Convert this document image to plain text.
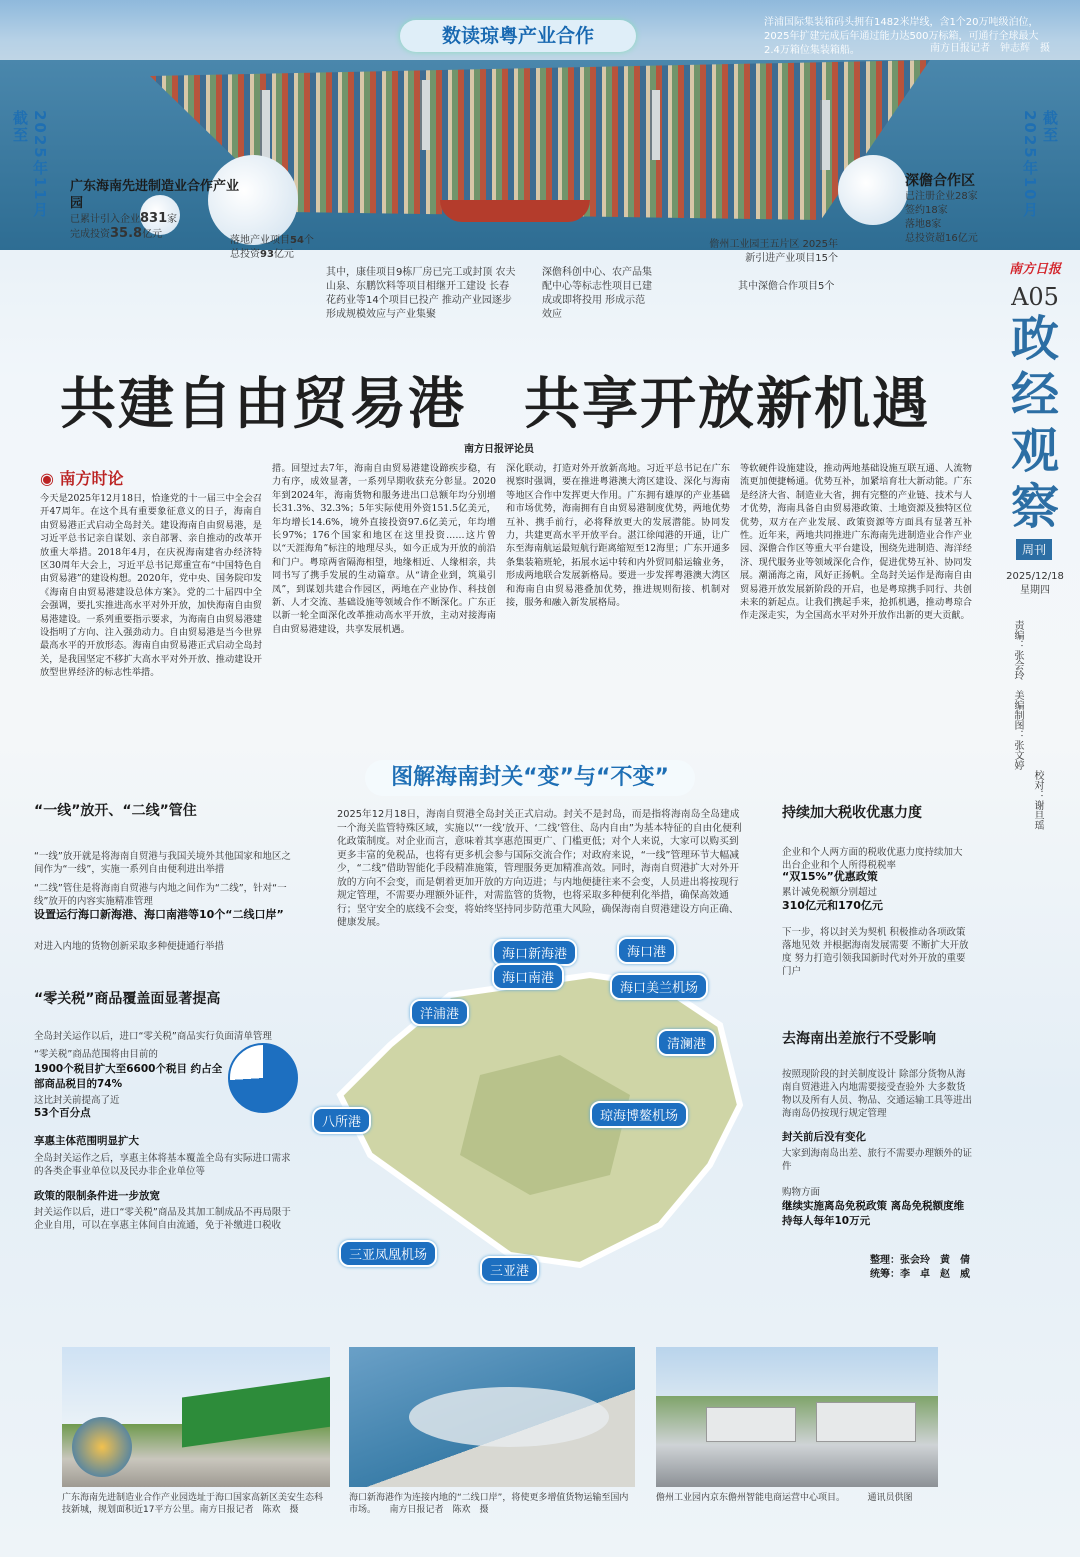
数读琼粤产业合作
洋浦国际集装箱码头拥有1482米岸线，含1个20万吨级泊位，2025年扩建完成后年通过能力达500万标箱，可通行全球最大2.4万箱位集装箱船。	南方日报记者　钟志辉　摄
截至 2025年11月	截至
2025年10月
广东海南先进制造业合作产业园
已累计引入企业831家
完成投资35.8亿元
落地产业项目54个
总投资93亿元
其中，康佳项目9栋厂房已完工或封顶 农夫山泉、东鹏饮料等项目相继开工建设 长春花药业等14个项目已投产 推动产业园逐步形成规模效应与产业集聚
深儋科创中心、农产品集配中心等标志性项目已建成或即将投用 形成示范效应
儋州工业园王五片区 2025年新引进产业项目15个
其中深儋合作项目5个
深儋合作区
已注册企业28家
签约18家
落地8家
总投资超16亿元
南方日报
A05
政
经
观
察
周刊
2025/12/18
星期四
责编：张会玲　美编制图：张文婷
校对：谢旦瑶
共建自由贸易港　共享开放新机遇
南方日报评论员
◉ 南方时论
今天是2025年12月18日，恰逢党的十一届三中全会召开47周年。在这个具有重要象征意义的日子，海南自由贸易港正式启动全岛封关。建设海南自由贸易港，是习近平总书记亲自谋划、亲自部署、亲自推动的改革开放重大举措。2018年4月，在庆祝海南建省办经济特区30周年大会上，习近平总书记郑重宣布“中国特色自由贸易港”的建设构想。2020年，党中央、国务院印发《海南自由贸易港建设总体方案》。党的二十届四中全会强调，要扎实推进高水平对外开放，加快海南自由贸易港建设。一系列重要指示要求，为海南自由贸易港建设指明了方向、注入强劲动力。自由贸易港是当今世界最高水平的开放形态。海南自由贸易港正式启动全岛封关，是我国坚定不移扩大高水平对外开放、推动建设开放型世界经济的标志性举措。
措。回望过去7年，海南自由贸易港建设蹄疾步稳，有力有序，成效显著，一系列早期收获充分彰显。2020年到2024年，海南货物和服务进出口总额年均分别增长31.3%、32.3%；5年实际使用外资151.5亿美元，年均增长14.6%，境外直接投资97.6亿美元，年均增长97%；176个国家和地区在这里投资……这片曾以“天涯海角”标注的地理尽头，如今正成为开放的前沿和门户。粤琼两省隔海相望，地缘相近、人缘相亲，共同书写了携手发展的生动篇章。从“请企业到，筑巢引凤”，到谋划共建合作园区，两地在产业协作、科技创新、人才交流、基础设施等领域合作不断深化。广东正以新一轮全面深化改革推动高水平开放，主动对接海南自由贸易港建设，共享发展机遇。
深化联动，打造对外开放新高地。习近平总书记在广东视察时强调，要在推进粤港澳大湾区建设、深化与海南等地区合作中发挥更大作用。广东拥有雄厚的产业基础和市场优势，海南拥有自由贸易港制度优势，两地优势互补、携手前行，必将释放更大的发展潜能。协同发力，共建更高水平开放平台。湛江徐闻港的开通，让广东至海南航运最短航行距离缩短至12海里；广东开通多条集装箱班轮，拓展水运中转和内外贸同船运输业务，形成两地联合发展新格局。要进一步发挥粤港澳大湾区和海南自由贸易港叠加优势，推进规则衔接、机制对接，服务和融入新发展格局。
等软硬件设施建设，推动两地基础设施互联互通、人流物流更加便捷畅通。优势互补，加紧培育壮大新动能。广东是经济大省、制造业大省，拥有完整的产业链、技术与人才优势，海南具备自由贸易港政策、土地资源及独特区位优势，双方在产业发展、政策资源等方面具有显著互补性。近年来，两地共同推进广东海南先进制造业合作产业园、深儋合作区等重大平台建设，围绕先进制造、海洋经济、现代服务业等领域深化合作，促进优势互补、协同发展。潮涌海之南，风好正扬帆。全岛封关运作是海南自由贸易港开放发展新阶段的开启，也是粤琼携手同行、共创未来的新起点。让我们携起手来，抢抓机遇，推动粤琼合作走深走实，为全国高水平对外开放作出新的更大贡献。
图解海南封关“变”与“不变”
2025年12月18日，海南自贸港全岛封关正式启动。封关不是封岛，而是指将海南岛全岛建成一个海关监管特殊区域，实施以“‘一线’放开、‘二线’管住、岛内自由”为基本特征的自由化便利化政策制度。对企业而言，意味着其享惠范围更广、门槛更低；对个人来说，大家可以购买到更多丰富的免税品，也将有更多机会参与国际交流合作；对政府来说，“一线”管理环节大幅减少，“二线”借助智能化手段精准施策，管理服务更加精准高效。同时，海南自贸港扩大对外开放的方向不会变，而是朝着更加开放的方向迈进；与内地便捷往来不会变，人员进出将按现行规定管理，不需要办理额外证件，对需监管的货物，也将采取多种便利化举措，确保高效通行；坚守安全的底线不会变，将始终坚持同步防范重大风险，确保海南自贸港建设方向正确、健康发展。
“一线”放开、“二线”管住
“一线”放开就是将海南自贸港与我国关境外其他国家和地区之间作为“一线”，实施一系列自由便利进出举措
“二线”管住是将海南自贸港与内地之间作为“二线”，针对“一线”放开的内容实施精准管理
设置运行海口新海港、海口南港等10个“二线口岸”
对进入内地的货物创新采取多种便捷通行举措
“零关税”商品覆盖面显著提高
全岛封关运作以后，进口“零关税”商品实行负面清单管理
“零关税”商品范围将由目前的
1900个税目扩大至6600个税目 约占全部商品税目的74%
这比封关前提高了近
53个百分点
享惠主体范围明显扩大
全岛封关运作之后，享惠主体将基本覆盖全岛有实际进口需求的各类企事业单位以及民办非企业单位等
政策的限制条件进一步放宽
封关运作以后，进口“零关税”商品及其加工制成品不再局限于企业自用，可以在享惠主体间自由流通，免于补缴进口税收
海口新海港	海口港
海口南港
海口美兰机场
洋浦港
清澜港
八所港	琼海博鳌机场
三亚凤凰机场
三亚港
持续加大税收优惠力度
企业和个人两方面的税收优惠力度持续加大 出台企业和个人所得税税率
“双15%”优惠政策
累计减免税额分别超过
310亿元和170亿元
下一步，将以封关为契机 积极推动各项政策落地见效 并根据海南发展需要 不断扩大开放度 努力打造引领我国新时代对外开放的重要门户
去海南出差旅行不受影响
按照现阶段的封关制度设计 除部分货物从海南自贸港进入内地需要接受查验外 大多数货物以及所有人员、物品、交通运输工具等进出海南岛仍按现行规定管理
封关前后没有变化
大家到海南岛出差、旅行不需要办理额外的证件
购物方面
继续实施离岛免税政策 离岛免税额度维持每人每年10万元
整理：张会玲　黄　倩
统筹：李　卓　赵　威
广东海南先进制造业合作产业园选址于海口国家高新区美安生态科技新城，规划面积近17平方公里。南方日报记者　陈欢　摄
海口新海港作为连接内地的“二线口岸”，将使更多增值货物运输至国内市场。　　南方日报记者　陈欢　摄
儋州工业园内京东儋州智能电商运营中心项目。　　　通讯员供图
